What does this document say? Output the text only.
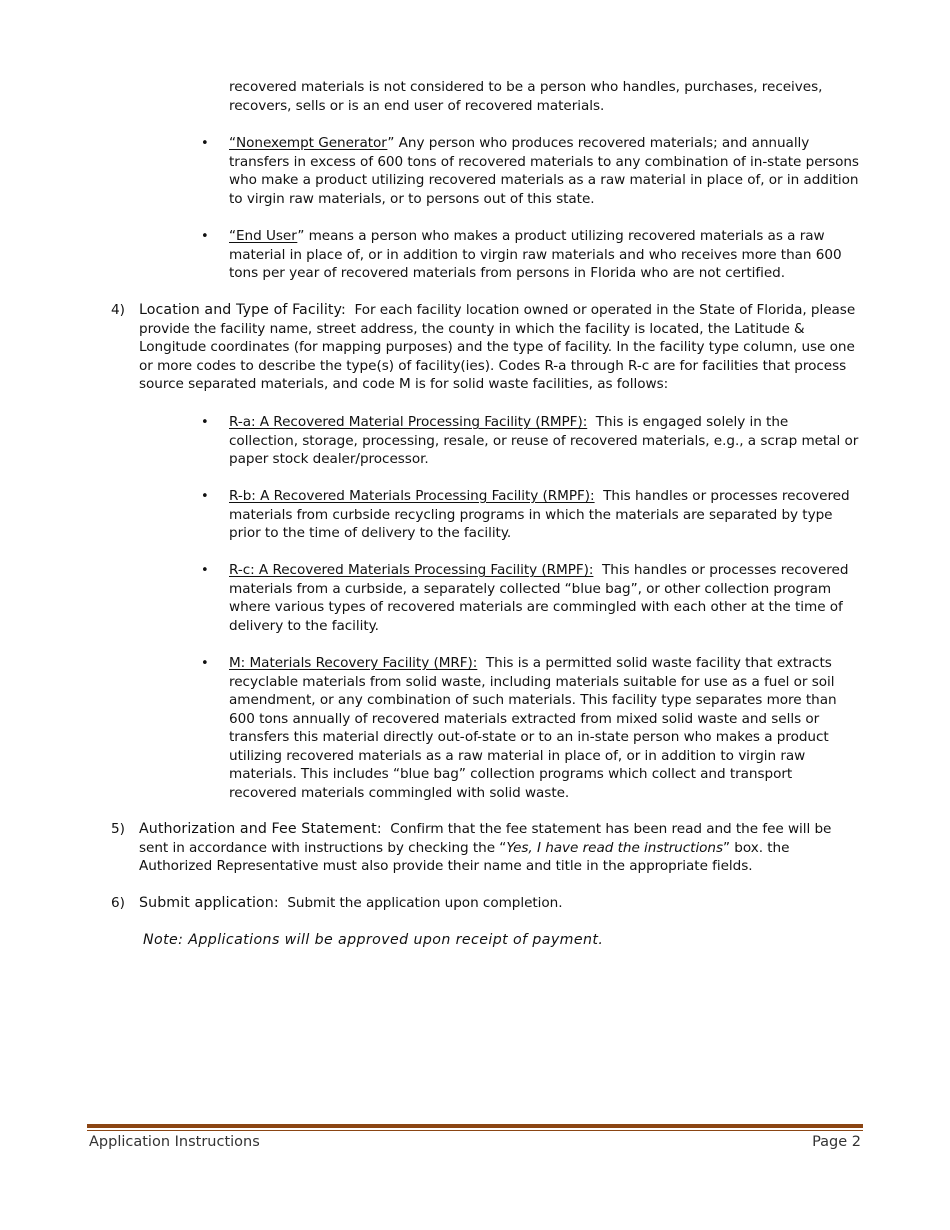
recovered materials is not considered to be a person who handles, purchases, receives, recovers, sells or is an end user of recovered materials.
• “Nonexempt Generator” Any person who produces recovered materials; and annually transfers in excess of 600 tons of recovered materials to any combination of in-state persons who make a product utilizing recovered materials as a raw material in place of, or in addition to virgin raw materials, or to persons out of this state.
• “End User” means a person who makes a product utilizing recovered materials as a raw material in place of, or in addition to virgin raw materials and who receives more than 600 tons per year of recovered materials from persons in Florida who are not certified.
4) Location and Type of Facility: For each facility location owned or operated in the State of Florida, please provide the facility name, street address, the county in which the facility is located, the Latitude & Longitude coordinates (for mapping purposes) and the type of facility. In the facility type column, use one or more codes to describe the type(s) of facility(ies). Codes R-a through R-c are for facilities that process source separated materials, and code M is for solid waste facilities, as follows:
• R-a: A Recovered Material Processing Facility (RMPF): This is engaged solely in the collection, storage, processing, resale, or reuse of recovered materials, e.g., a scrap metal or paper stock dealer/processor.
• R-b: A Recovered Materials Processing Facility (RMPF): This handles or processes recovered materials from curbside recycling programs in which the materials are separated by type prior to the time of delivery to the facility.
• R-c: A Recovered Materials Processing Facility (RMPF): This handles or processes recovered materials from a curbside, a separately collected “blue bag”, or other collection program where various types of recovered materials are commingled with each other at the time of delivery to the facility.
• M: Materials Recovery Facility (MRF): This is a permitted solid waste facility that extracts recyclable materials from solid waste, including materials suitable for use as a fuel or soil amendment, or any combination of such materials. This facility type separates more than 600 tons annually of recovered materials extracted from mixed solid waste and sells or transfers this material directly out-of-state or to an in-state person who makes a product utilizing recovered materials as a raw material in place of, or in addition to virgin raw materials. This includes “blue bag” collection programs which collect and transport recovered materials commingled with solid waste.
5) Authorization and Fee Statement: Confirm that the fee statement has been read and the fee will be sent in accordance with instructions by checking the “Yes, I have read the instructions” box. the Authorized Representative must also provide their name and title in the appropriate fields.
6) Submit application: Submit the application upon completion.
Note: Applications will be approved upon receipt of payment.
Application Instructions	Page 2
